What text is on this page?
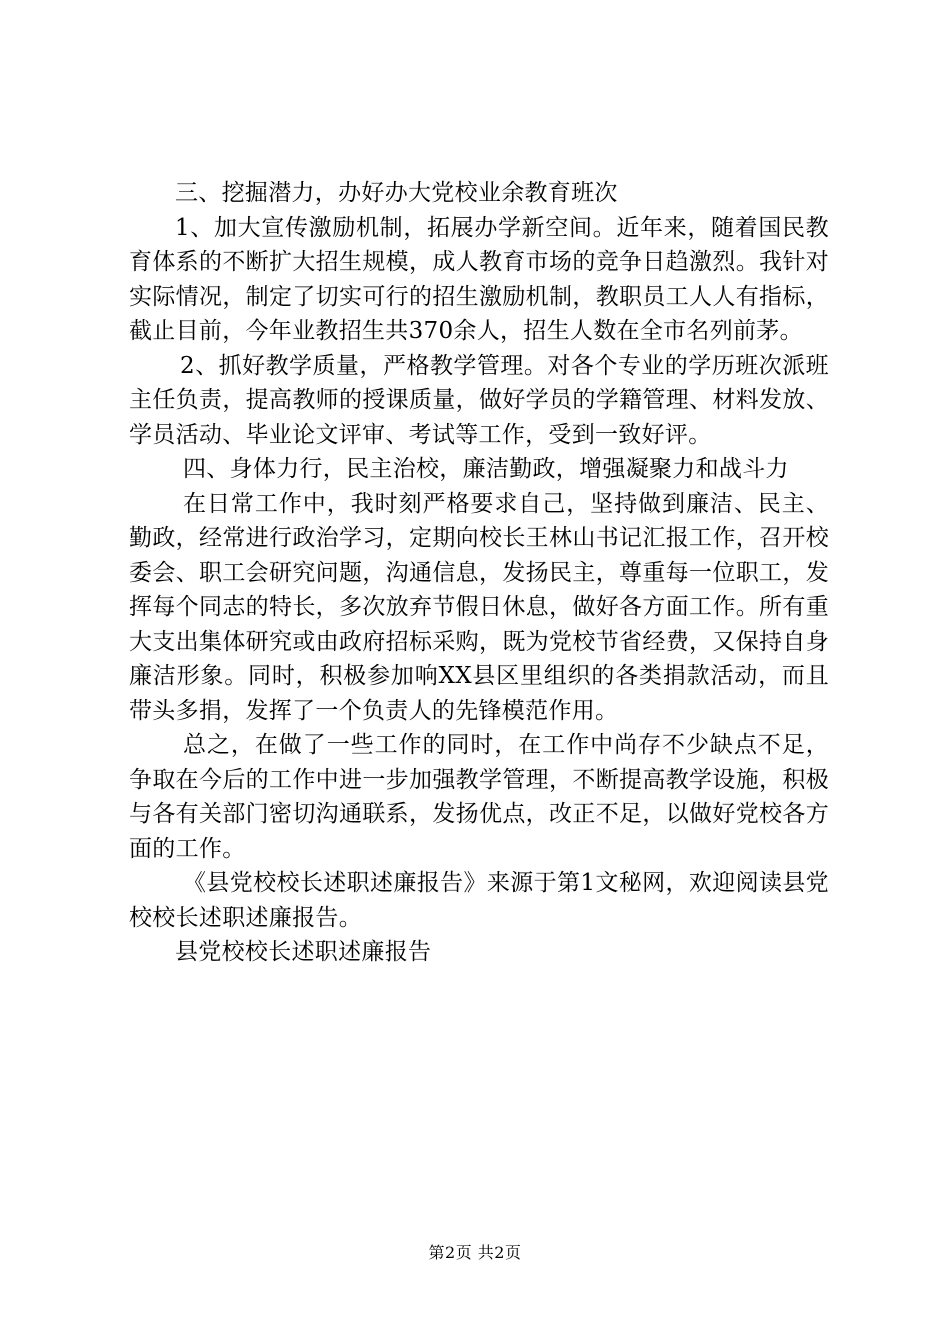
三、挖掘潜力，办好办大党校业余教育班次

1、加大宣传激励机制，拓展办学新空间。近年来，随着国民教育体系的不断扩大招生规模，成人教育市场的竞争日趋激烈。我针对实际情况，制定了切实可行的招生激励机制，教职员工人人有指标，截止目前，今年业教招生共370余人，招生人数在全市名列前茅。

2、抓好教学质量，严格教学管理。对各个专业的学历班次派班主任负责，提高教师的授课质量，做好学员的学籍管理、材料发放、学员活动、毕业论文评审、考试等工作，受到一致好评。

四、身体力行，民主治校，廉洁勤政，增强凝聚力和战斗力

在日常工作中，我时刻严格要求自己，坚持做到廉洁、民主、勤政，经常进行政治学习，定期向校长王林山书记汇报工作，召开校委会、职工会研究问题，沟通信息，发扬民主，尊重每一位职工，发挥每个同志的特长，多次放弃节假日休息，做好各方面工作。所有重大支出集体研究或由政府招标采购，既为党校节省经费，又保持自身廉洁形象。同时，积极参加响XX县区里组织的各类捐款活动，而且带头多捐，发挥了一个负责人的先锋模范作用。

总之，在做了一些工作的同时，在工作中尚存不少缺点不足，争取在今后的工作中进一步加强教学管理，不断提高教学设施，积极与各有关部门密切沟通联系，发扬优点，改正不足，以做好党校各方面的工作。

《县党校校长述职述廉报告》来源于第1文秘网，欢迎阅读县党校校长述职述廉报告。

县党校校长述职述廉报告

第2页 共2页
